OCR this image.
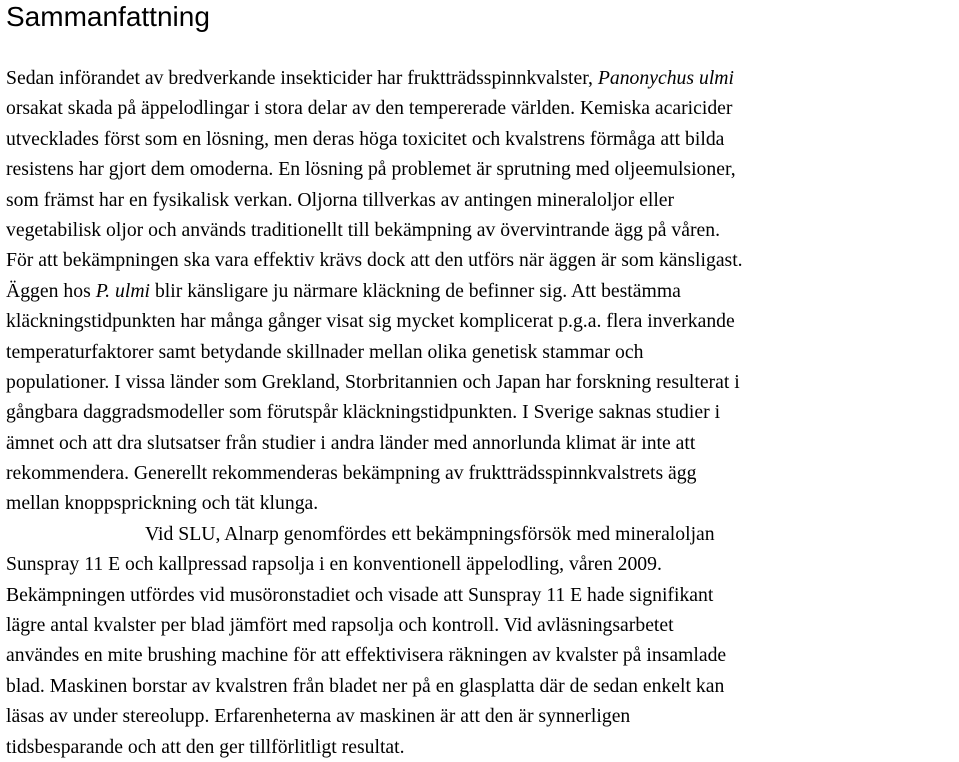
Sammanfattning
Sedan införandet av bredverkande insekticider har fruktträdsspinnkvalster, Panonychus ulmi
orsakat skada på äppelodlingar i stora delar av den tempererade världen. Kemiska acaricider
utvecklades först som en lösning, men deras höga toxicitet och kvalstrens förmåga att bilda
resistens har gjort dem omoderna. En lösning på problemet är sprutning med oljeemulsioner,
som främst har en fysikalisk verkan. Oljorna tillverkas av antingen mineraloljor eller
vegetabilisk oljor och används traditionellt till bekämpning av övervintrande ägg på våren.
För att bekämpningen ska vara effektiv krävs dock att den utförs när äggen är som känsligast.
Äggen hos P. ulmi blir känsligare ju närmare kläckning de befinner sig. Att bestämma
kläckningstidpunkten har många gånger visat sig mycket komplicerat p.g.a. flera inverkande
temperaturfaktorer samt betydande skillnader mellan olika genetisk stammar och
populationer. I vissa länder som Grekland, Storbritannien och Japan har forskning resulterat i
gångbara daggradsmodeller som förutspår kläckningstidpunkten. I Sverige saknas studier i
ämnet och att dra slutsatser från studier i andra länder med annorlunda klimat är inte att
rekommendera. Generellt rekommenderas bekämpning av fruktträdsspinnkvalstrets ägg
mellan knoppsprickning och tät klunga.
Vid SLU, Alnarp genomfördes ett bekämpningsförsök med mineraloljan
Sunspray 11 E och kallpressad rapsolja i en konventionell äppelodling, våren 2009.
Bekämpningen utfördes vid musöronstadiet och visade att Sunspray 11 E hade signifikant
lägre antal kvalster per blad jämfört med rapsolja och kontroll. Vid avläsningsarbetet
användes en mite brushing machine för att effektivisera räkningen av kvalster på insamlade
blad. Maskinen borstar av kvalstren från bladet ner på en glasplatta där de sedan enkelt kan
läsas av under stereolupp. Erfarenheterna av maskinen är att den är synnerligen
tidsbesparande och att den ger tillförlitligt resultat.
